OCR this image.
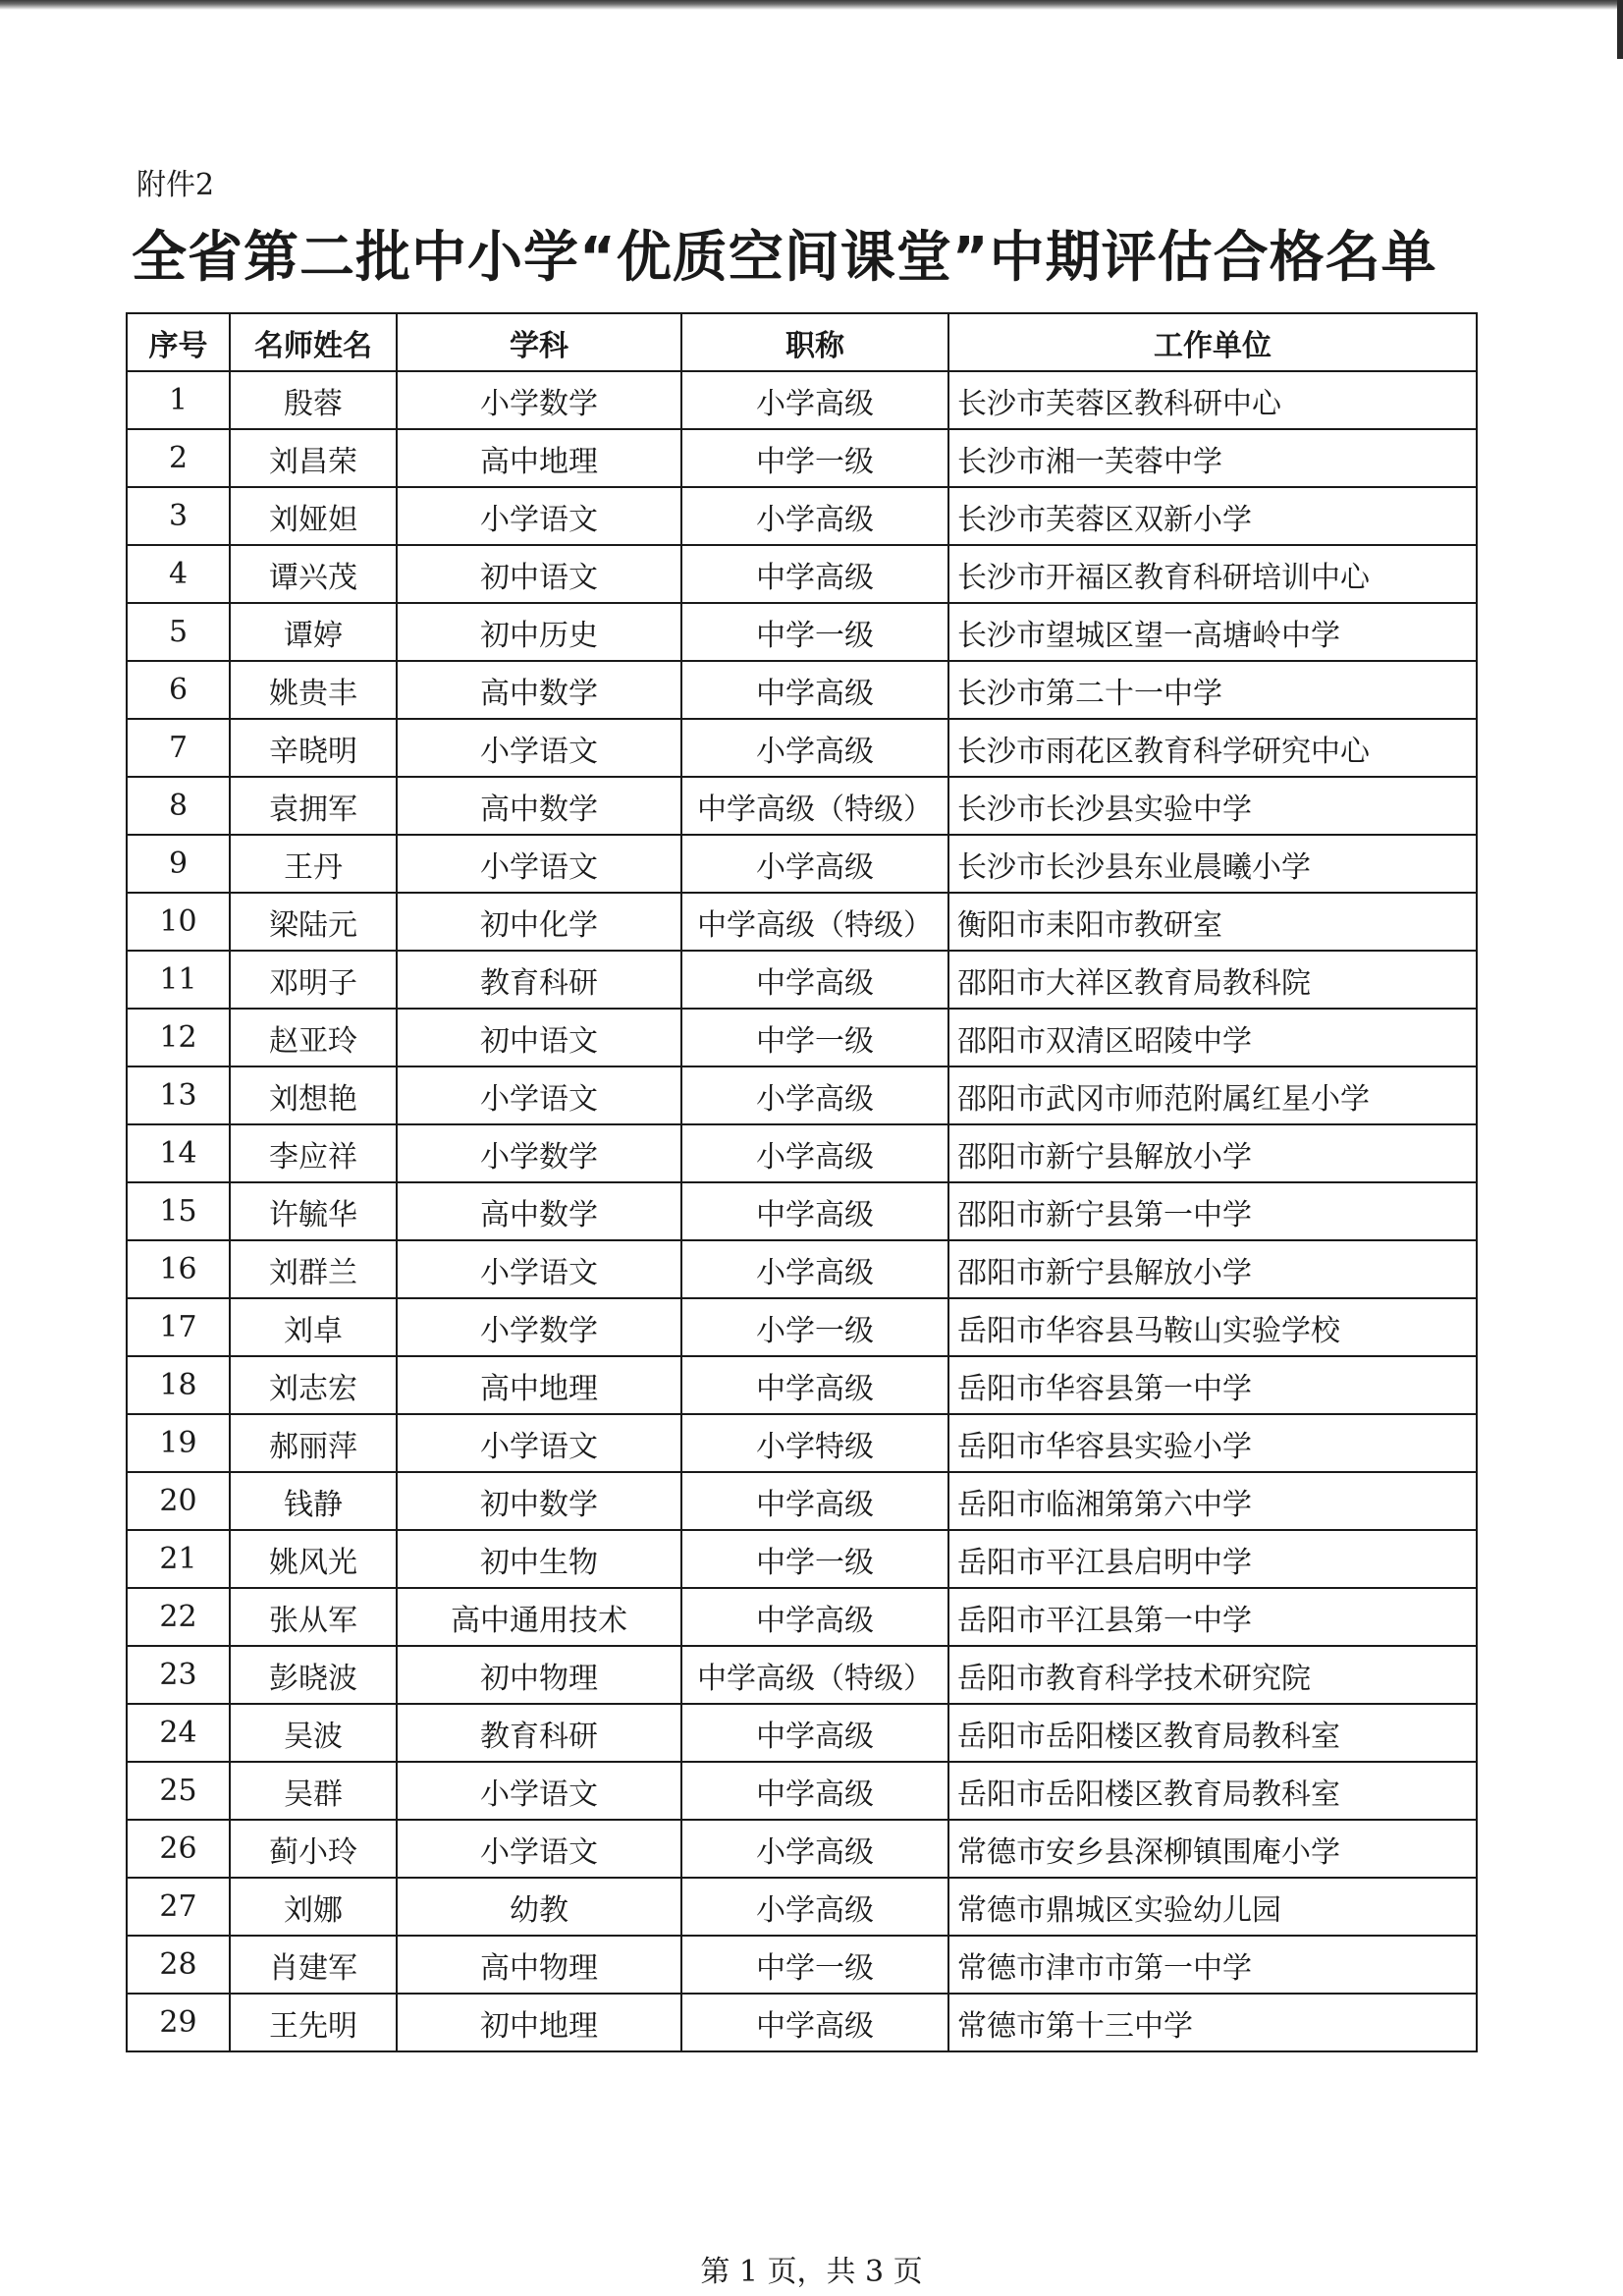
附件2
全省第二批中小学“优质空间课堂”中期评估合格名单
序号	名师姓名	学科	职称	工作单位
1	殷蓉	小学数学	小学高级	长沙市芙蓉区教科研中心
2	刘昌荣	高中地理	中学一级	长沙市湘一芙蓉中学
3	刘娅妲	小学语文	小学高级	长沙市芙蓉区双新小学
4	谭兴茂	初中语文	中学高级	长沙市开福区教育科研培训中心
5	谭婷	初中历史	中学一级	长沙市望城区望一高塘岭中学
6	姚贵丰	高中数学	中学高级	长沙市第二十一中学
7	辛晓明	小学语文	小学高级	长沙市雨花区教育科学研究中心
8	袁拥军	高中数学	中学高级（特级）	长沙市长沙县实验中学
9	王丹	小学语文	小学高级	长沙市长沙县东业晨曦小学
10	梁陆元	初中化学	中学高级（特级）	衡阳市耒阳市教研室
11	邓明子	教育科研	中学高级	邵阳市大祥区教育局教科院
12	赵亚玲	初中语文	中学一级	邵阳市双清区昭陵中学
13	刘想艳	小学语文	小学高级	邵阳市武冈市师范附属红星小学
14	李应祥	小学数学	小学高级	邵阳市新宁县解放小学
15	许毓华	高中数学	中学高级	邵阳市新宁县第一中学
16	刘群兰	小学语文	小学高级	邵阳市新宁县解放小学
17	刘卓	小学数学	小学一级	岳阳市华容县马鞍山实验学校
18	刘志宏	高中地理	中学高级	岳阳市华容县第一中学
19	郝丽萍	小学语文	小学特级	岳阳市华容县实验小学
20	钱静	初中数学	中学高级	岳阳市临湘第第六中学
21	姚风光	初中生物	中学一级	岳阳市平江县启明中学
22	张从军	高中通用技术	中学高级	岳阳市平江县第一中学
23	彭晓波	初中物理	中学高级（特级）	岳阳市教育科学技术研究院
24	吴波	教育科研	中学高级	岳阳市岳阳楼区教育局教科室
25	吴群	小学语文	中学高级	岳阳市岳阳楼区教育局教科室
26	蓟小玲	小学语文	小学高级	常德市安乡县深柳镇围庵小学
27	刘娜	幼教	小学高级	常德市鼎城区实验幼儿园
28	肖建军	高中物理	中学一级	常德市津市市第一中学
29	王先明	初中地理	中学高级	常德市第十三中学
第 1 页，共 3 页
